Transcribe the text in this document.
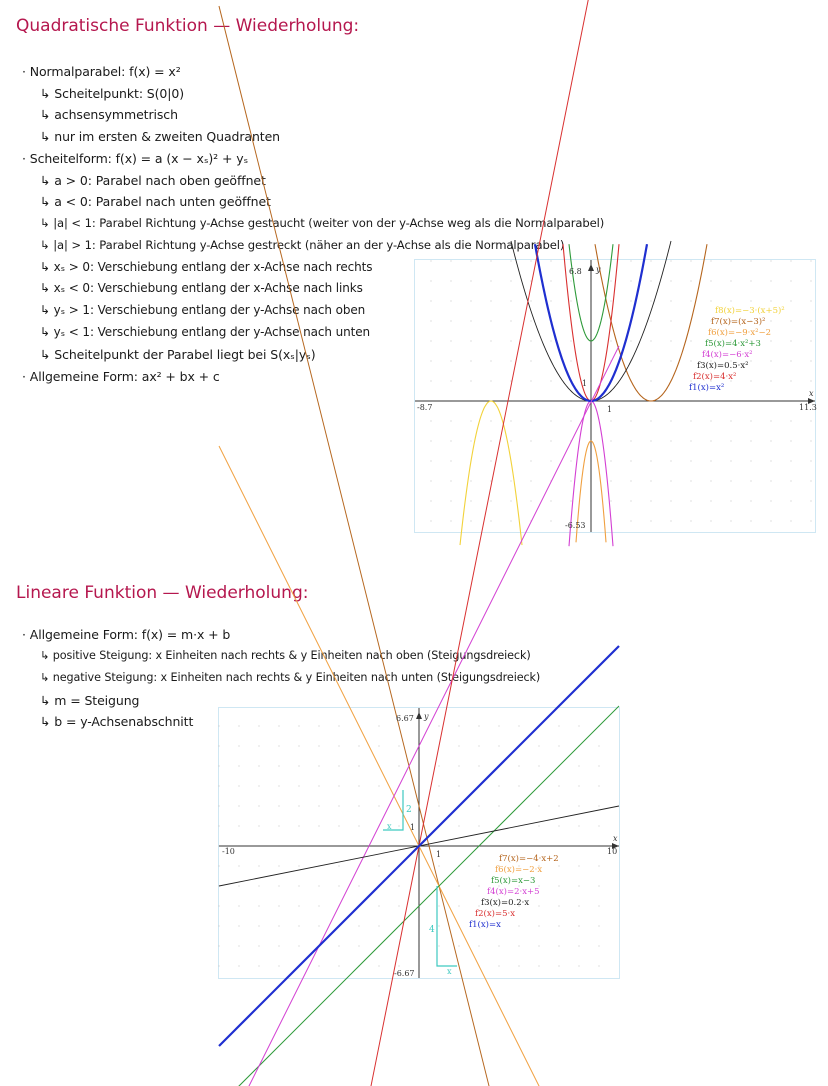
Quadratische Funktion — Wiederholung:
· Normalparabel: f(x) = x²
↳ Scheitelpunkt: S(0|0)
↳ achsensymmetrisch
↳ nur im ersten & zweiten Quadranten
· Scheitelform: f(x) = a (x − xₛ)² + yₛ
↳ a > 0: Parabel nach oben geöffnet
↳ a < 0: Parabel nach unten geöffnet
↳ |a| < 1: Parabel Richtung y-Achse gestaucht (weiter von der y-Achse weg als die Normalparabel)
↳ |a| > 1: Parabel Richtung y-Achse gestreckt (näher an der y-Achse als die Normalparabel)
↳ xₛ > 0: Verschiebung entlang der x-Achse nach rechts
↳ xₛ < 0: Verschiebung entlang der x-Achse nach links
↳ yₛ > 1: Verschiebung entlang der y-Achse nach oben
↳ yₛ < 1: Verschiebung entlang der y-Achse nach unten
↳ Scheitelpunkt der Parabel liegt bei S(xₛ|yₛ)
· Allgemeine Form: ax² + bx + c
-8.7	11.3
6.8
-6.53
1
1
x
y
f8(x)=−3·(x+5)²
f7(x)=(x−3)²
f6(x)=−9·x²−2
f5(x)=4·x²+3
f4(x)=−6·x²
f3(x)=0.5·x²
f2(x)=4·x²
f1(x)=x²
Lineare Funktion — Wiederholung:
· Allgemeine Form: f(x) = m·x + b
↳ positive Steigung: x Einheiten nach rechts & y Einheiten nach oben (Steigungsdreieck)
↳ negative Steigung: x Einheiten nach rechts & y Einheiten nach unten (Steigungsdreieck)
↳ m = Steigung
↳ b = y-Achsenabschnitt
2
x
4
x
-10	10
6.67
-6.67
1
1
x
y
f7(x)=−4·x+2
f6(x)=−2·x
f5(x)=x−3
f4(x)=2·x+5
f3(x)=0.2·x
f2(x)=5·x
f1(x)=x
